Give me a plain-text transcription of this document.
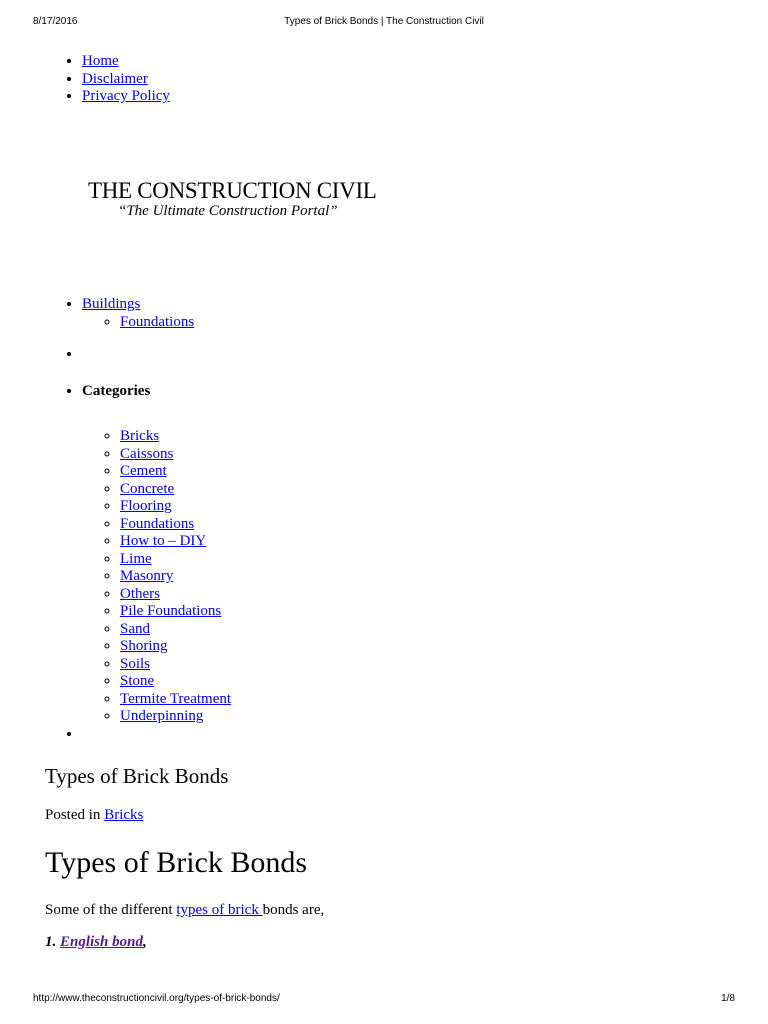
8/17/2016	Types of Brick Bonds | The Construction Civil
• Home
• Disclaimer
• Privacy Policy
THE CONSTRUCTION CIVIL
“The Ultimate Construction Portal”
• Buildings
◦ Foundations
•
• Categories
◦ Bricks
◦ Caissons
◦ Cement
◦ Concrete
◦ Flooring
◦ Foundations
◦ How to – DIY
◦ Lime
◦ Masonry
◦ Others
◦ Pile Foundations
◦ Sand
◦ Shoring
◦ Soils
◦ Stone
◦ Termite Treatment
◦ Underpinning
•
Types of Brick Bonds
Posted in Bricks
Types of Brick Bonds
Some of the different types of brick bonds are,
1. English bond,
http://www.theconstructioncivil.org/types-of-brick-bonds/	1/8
